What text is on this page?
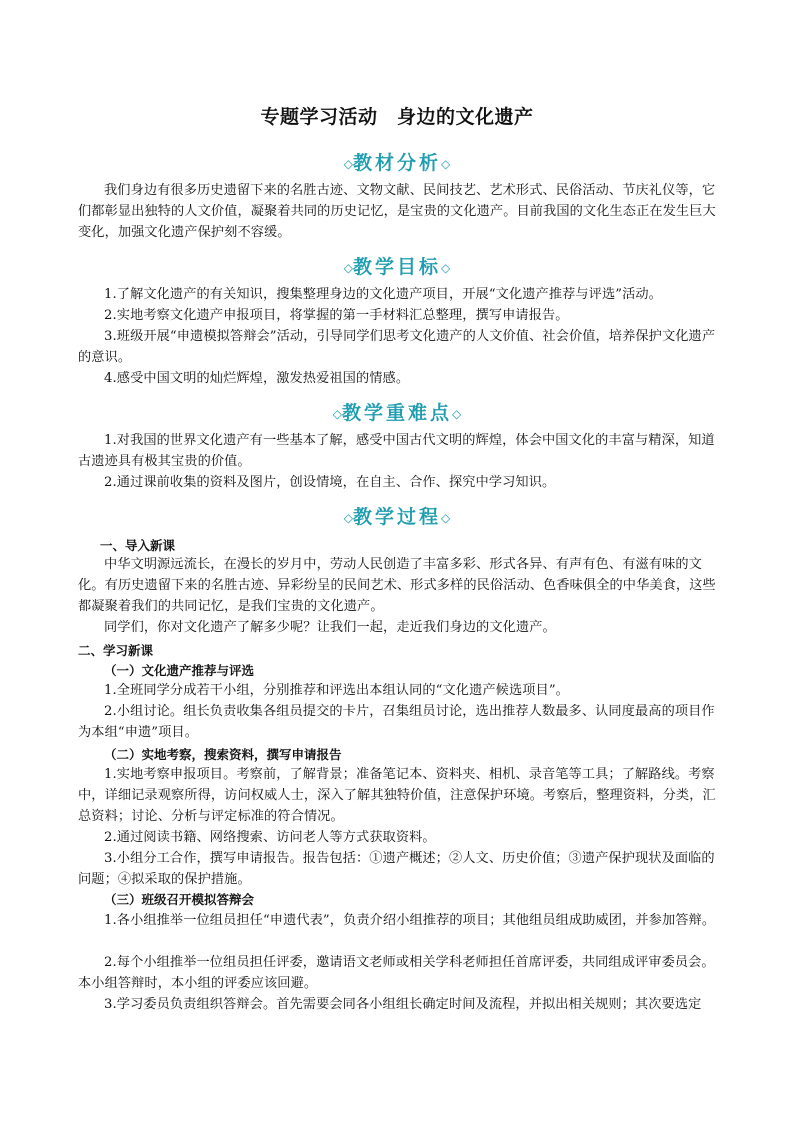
专题学习活动　身边的文化遗产
◇教材分析◇
我们身边有很多历史遗留下来的名胜古迹、文物文献、民间技艺、艺术形式、民俗活动、节庆礼仪等，它们都彰显出独特的人文价值，凝聚着共同的历史记忆，是宝贵的文化遗产。目前我国的文化生态正在发生巨大变化，加强文化遗产保护刻不容缓。
◇教学目标◇
1.了解文化遗产的有关知识，搜集整理身边的文化遗产项目，开展“文化遗产推荐与评选”活动。
2.实地考察文化遗产申报项目，将掌握的第一手材料汇总整理，撰写申请报告。
3.班级开展“申遗模拟答辩会”活动，引导同学们思考文化遗产的人文价值、社会价值，培养保护文化遗产的意识。
4.感受中国文明的灿烂辉煌，激发热爱祖国的情感。
◇教学重难点◇
1.对我国的世界文化遗产有一些基本了解，感受中国古代文明的辉煌，体会中国文化的丰富与精深，知道古遗迹具有极其宝贵的价值。
2.通过课前收集的资料及图片，创设情境，在自主、合作、探究中学习知识。
◇教学过程◇
一、导入新课
中华文明源远流长，在漫长的岁月中，劳动人民创造了丰富多彩、形式各异、有声有色、有滋有味的文化。有历史遗留下来的名胜古迹、异彩纷呈的民间艺术、形式多样的民俗活动、色香味俱全的中华美食，这些都凝聚着我们的共同记忆，是我们宝贵的文化遗产。
同学们，你对文化遗产了解多少呢？让我们一起，走近我们身边的文化遗产。
二、学习新课
（一）文化遗产推荐与评选
1.全班同学分成若干小组，分别推荐和评选出本组认同的“文化遗产候选项目”。
2.小组讨论。组长负责收集各组员提交的卡片，召集组员讨论，选出推荐人数最多、认同度最高的项目作为本组“申遗”项目。
（二）实地考察，搜索资料，撰写申请报告
1.实地考察申报项目。考察前，了解背景；准备笔记本、资料夹、相机、录音笔等工具；了解路线。考察中，详细记录观察所得，访问权威人士，深入了解其独特价值，注意保护环境。考察后，整理资料，分类，汇总资料；讨论、分析与评定标准的符合情况。
2.通过阅读书籍、网络搜索、访问老人等方式获取资料。
3.小组分工合作，撰写申请报告。报告包括：①遗产概述；②人文、历史价值；③遗产保护现状及面临的问题；④拟采取的保护措施。
（三）班级召开模拟答辩会
1.各小组推举一位组员担任“申遗代表”，负责介绍小组推荐的项目；其他组员组成助威团，并参加答辩。
2.每个小组推举一位组员担任评委，邀请语文老师或相关学科老师担任首席评委，共同组成评审委员会。本小组答辩时，本小组的评委应该回避。
3.学习委员负责组织答辩会。首先需要会同各小组组长确定时间及流程，并拟出相关规则；其次要选定
